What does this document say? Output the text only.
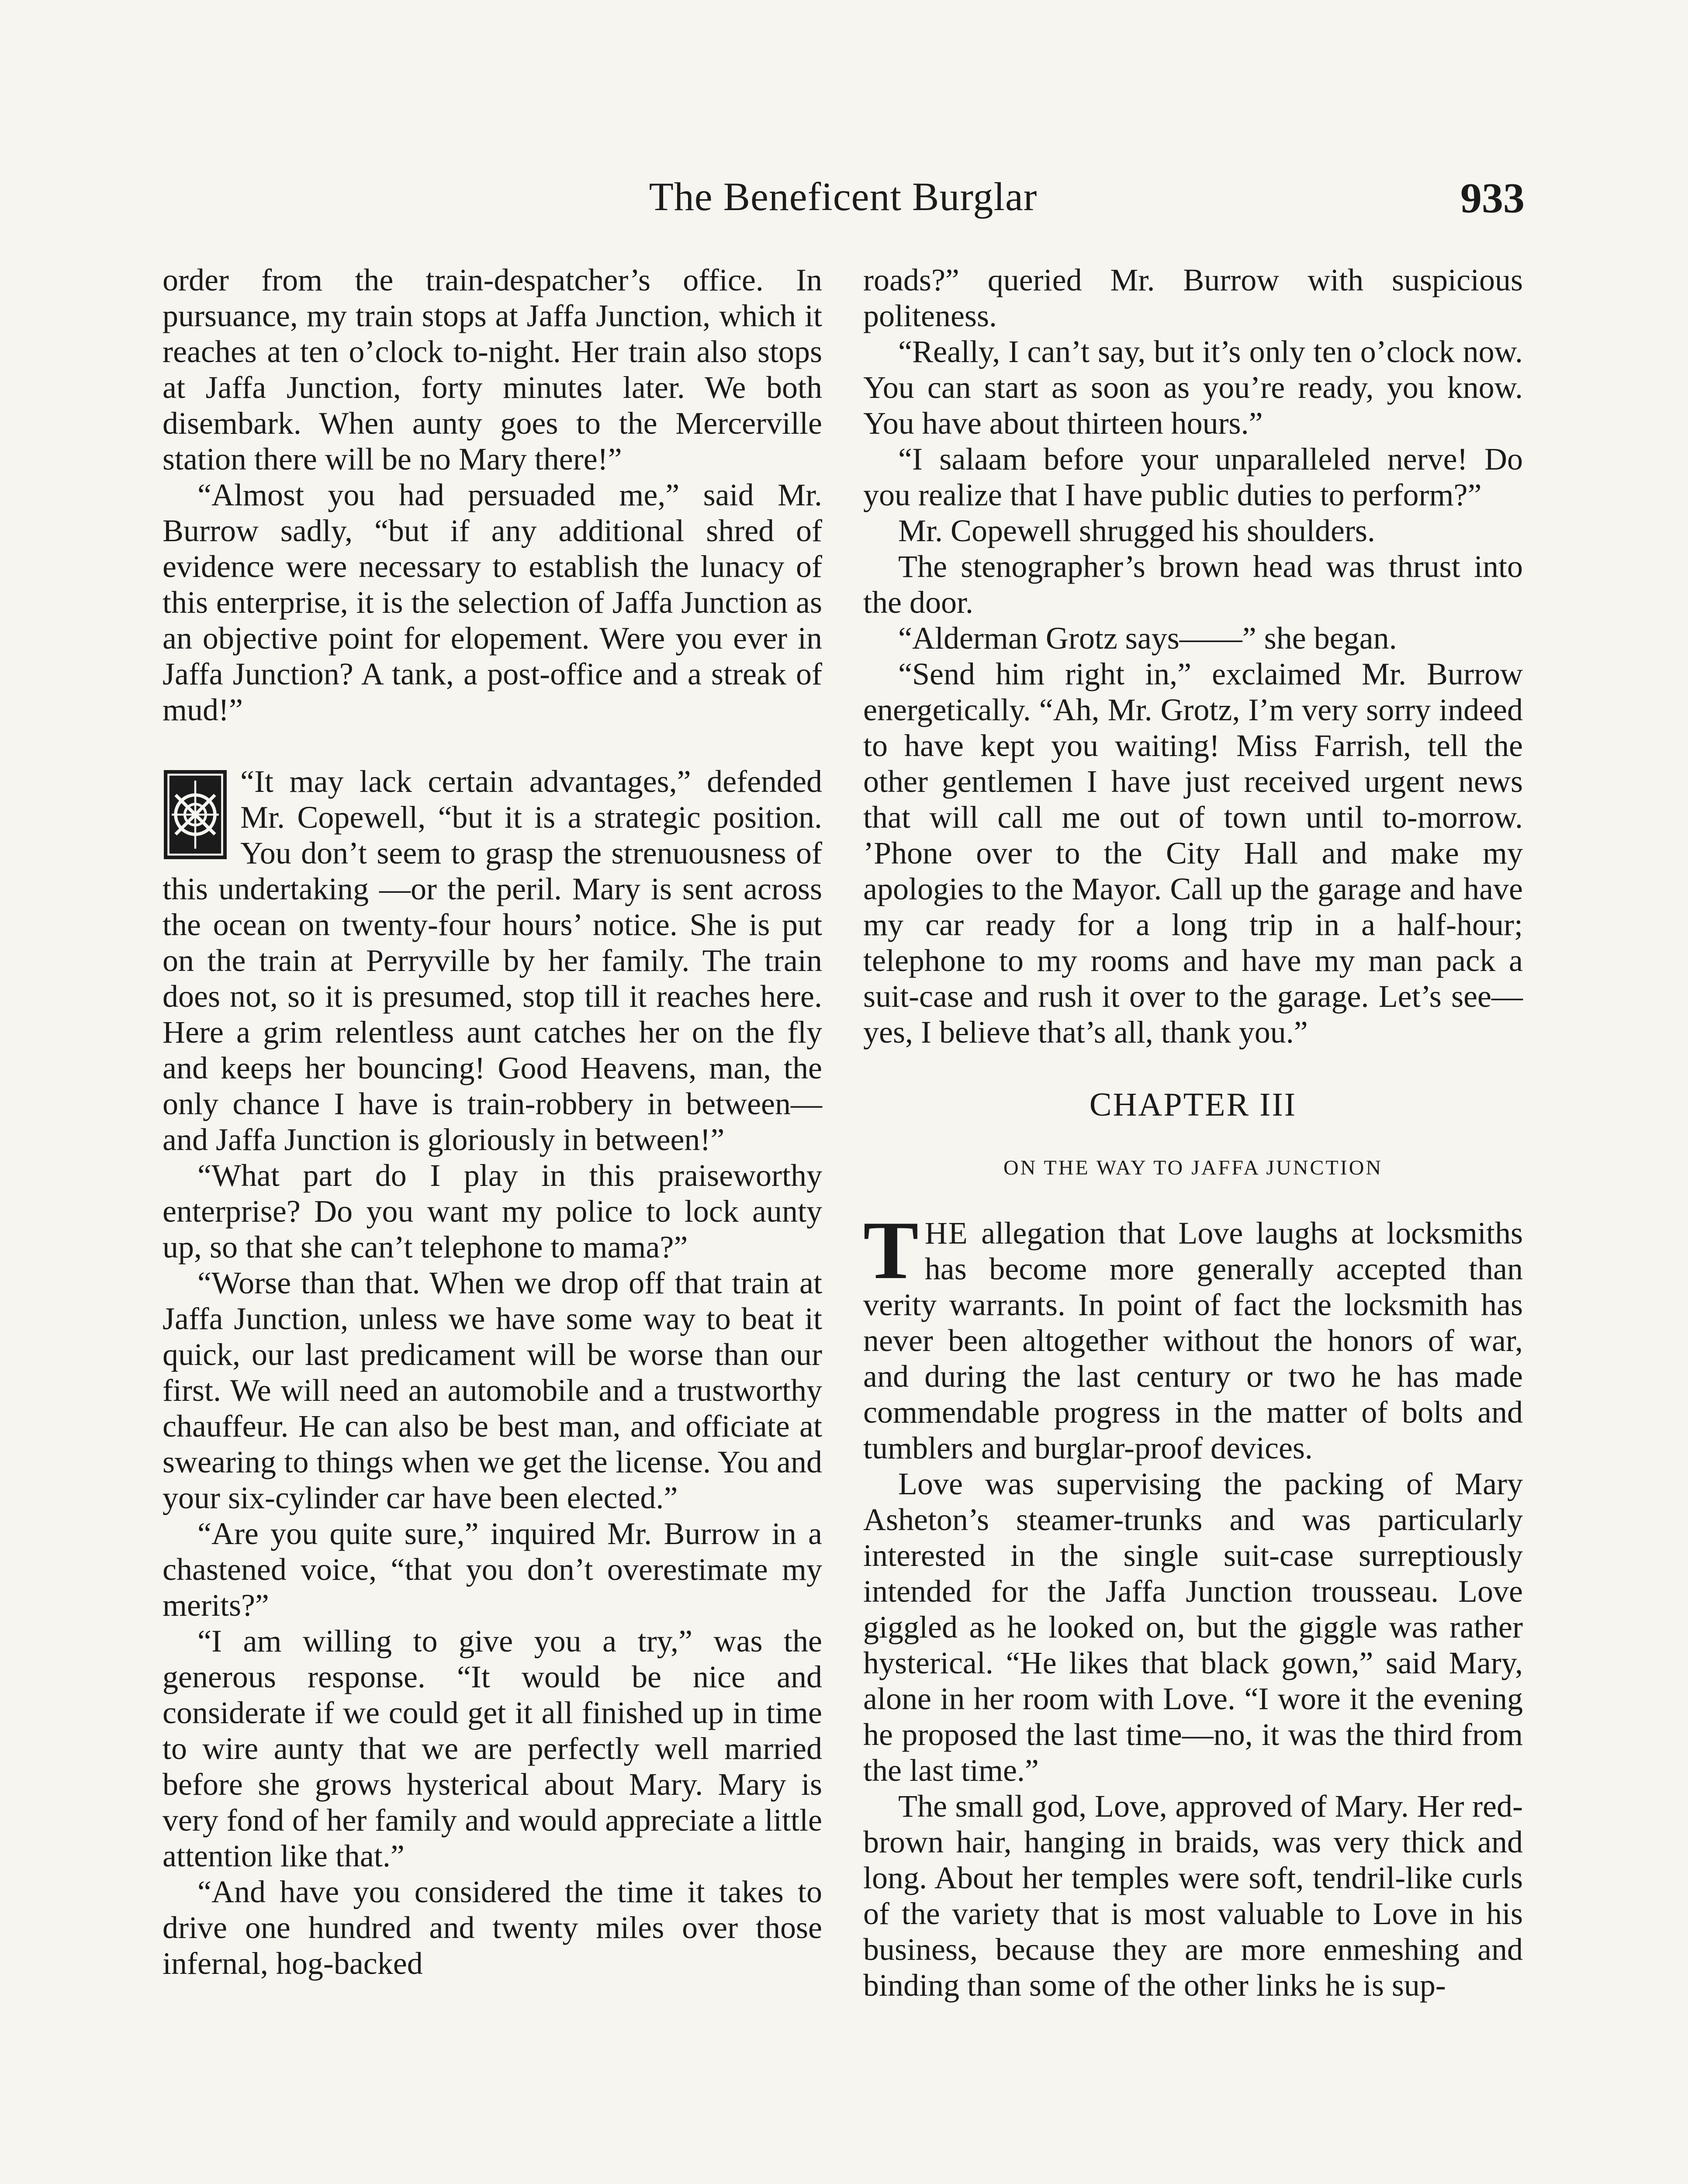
The Beneficent Burglar	933

order from the train-despatcher’s office. In pursuance, my train stops at Jaffa Junction, which it reaches at ten o’clock to-night. Her train also stops at Jaffa Junction, forty minutes later. We both disembark. When aunty goes to the Mercerville station there will be no Mary there!”

“Almost you had persuaded me,” said Mr. Burrow sadly, “but if any additional shred of evidence were necessary to establish the lunacy of this enterprise, it is the selection of Jaffa Junction as an objective point for elopement. Were you ever in Jaffa Junction? A tank, a post-office and a streak of mud!”

“It may lack certain advantages,” defended Mr. Copewell, “but it is a strategic position. You don’t seem to grasp the strenuousness of this undertaking —or the peril. Mary is sent across the ocean on twenty-four hours’ notice. She is put on the train at Perryville by her family. The train does not, so it is presumed, stop till it reaches here. Here a grim relentless aunt catches her on the fly and keeps her bouncing! Good Heavens, man, the only chance I have is train-robbery in between—and Jaffa Junction is gloriously in between!”

“What part do I play in this praiseworthy enterprise? Do you want my police to lock aunty up, so that she can’t telephone to mama?”

“Worse than that. When we drop off that train at Jaffa Junction, unless we have some way to beat it quick, our last predicament will be worse than our first. We will need an automobile and a trustworthy chauffeur. He can also be best man, and officiate at swearing to things when we get the license. You and your six-cylinder car have been elected.”

“Are you quite sure,” inquired Mr. Burrow in a chastened voice, “that you don’t overestimate my merits?”

“I am willing to give you a try,” was the generous response. “It would be nice and considerate if we could get it all finished up in time to wire aunty that we are perfectly well married before she grows hysterical about Mary. Mary is very fond of her family and would appreciate a little attention like that.”

“And have you considered the time it takes to drive one hundred and twenty miles over those infernal, hog-backed

roads?” queried Mr. Burrow with suspicious politeness.

“Really, I can’t say, but it’s only ten o’clock now. You can start as soon as you’re ready, you know. You have about thirteen hours.”

“I salaam before your unparalleled nerve! Do you realize that I have public duties to perform?”

Mr. Copewell shrugged his shoulders.

The stenographer’s brown head was thrust into the door.

“Alderman Grotz says——” she began.

“Send him right in,” exclaimed Mr. Burrow energetically. “Ah, Mr. Grotz, I’m very sorry indeed to have kept you waiting! Miss Farrish, tell the other gentlemen I have just received urgent news that will call me out of town until to-morrow. ’Phone over to the City Hall and make my apologies to the Mayor. Call up the garage and have my car ready for a long trip in a half-hour; telephone to my rooms and have my man pack a suit-case and rush it over to the garage. Let’s see—yes, I believe that’s all, thank you.”

CHAPTER III
ON THE WAY TO JAFFA JUNCTION

THE allegation that Love laughs at locksmiths has become more generally accepted than verity warrants. In point of fact the locksmith has never been altogether without the honors of war, and during the last century or two he has made commendable progress in the matter of bolts and tumblers and burglar-proof devices.

Love was supervising the packing of Mary Asheton’s steamer-trunks and was particularly interested in the single suit-case surreptiously intended for the Jaffa Junction trousseau. Love giggled as he looked on, but the giggle was rather hysterical. “He likes that black gown,” said Mary, alone in her room with Love. “I wore it the evening he proposed the last time—no, it was the third from the last time.”

The small god, Love, approved of Mary. Her red-brown hair, hanging in braids, was very thick and long. About her temples were soft, tendril-like curls of the variety that is most valuable to Love in his business, because they are more enmeshing and binding than some of the other links he is sup-
